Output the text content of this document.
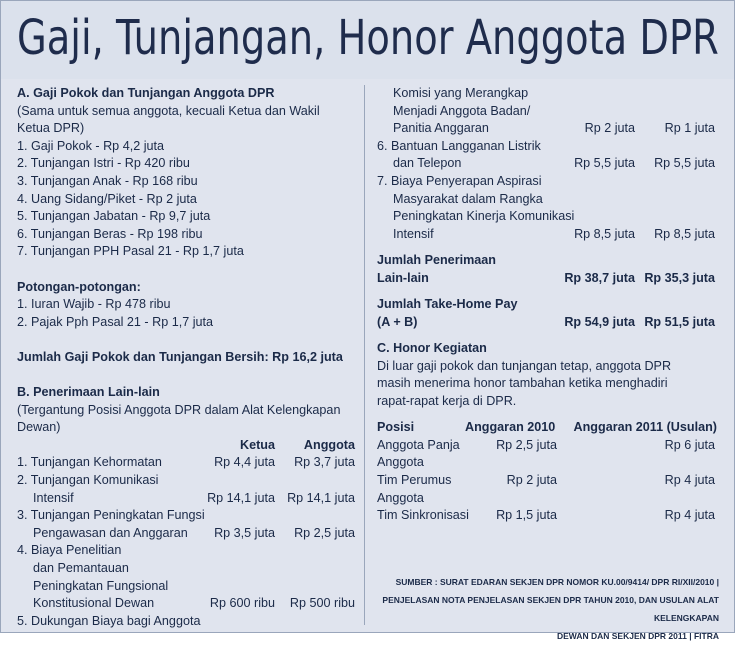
Gaji, Tunjangan, Honor Anggota DPR
A. Gaji Pokok dan Tunjangan Anggota DPR
(Sama untuk semua anggota, kecuali Ketua dan Wakil
Ketua DPR)
1. Gaji Pokok - Rp 4,2 juta
2. Tunjangan Istri - Rp 420 ribu
3. Tunjangan Anak - Rp 168 ribu
4. Uang Sidang/Piket - Rp 2 juta
5. Tunjangan Jabatan - Rp 9,7 juta
6. Tunjangan Beras - Rp 198 ribu
7. Tunjangan PPH Pasal 21 - Rp 1,7 juta
Potongan-potongan:
1. Iuran Wajib - Rp 478 ribu
2. Pajak Pph Pasal 21 - Rp 1,7 juta
Jumlah Gaji Pokok dan Tunjangan Bersih: Rp 16,2 juta
B. Penerimaan Lain-lain
(Tergantung Posisi Anggota DPR dalam Alat Kelengkapan
Dewan)
Ketua Anggota
1. Tunjangan Kehormatan	Rp 4,4 juta Rp 3,7 juta
2. Tunjangan Komunikasi
Intensif	Rp 14,1 juta Rp 14,1 juta
3. Tunjangan Peningkatan Fungsi
Pengawasan dan Anggaran Rp 3,5 juta Rp 2,5 juta
4. Biaya Penelitian
dan Pemantauan
Peningkatan Fungsional
Konstitusional Dewan	Rp 600 ribu Rp 500 ribu
5. Dukungan Biaya bagi Anggota
Komisi yang Merangkap
Menjadi Anggota Badan/
Panitia Anggaran	Rp 2 juta Rp 1 juta
6. Bantuan Langganan Listrik
dan Telepon	Rp 5,5 juta Rp 5,5 juta
7. Biaya Penyerapan Aspirasi
Masyarakat dalam Rangka
Peningkatan Kinerja Komunikasi
Intensif	Rp 8,5 juta Rp 8,5 juta
Jumlah Penerimaan
Lain-lain	Rp 38,7 juta Rp 35,3 juta
Jumlah Take-Home Pay
(A + B)	Rp 54,9 juta Rp 51,5 juta
C. Honor Kegiatan
Di luar gaji pokok dan tunjangan tetap, anggota DPR
masih menerima honor tambahan ketika menghadiri
rapat-rapat kerja di DPR.
Posisi	Anggaran 2010 Anggaran 2011 (Usulan)
Anggota Panja	Rp 2,5 juta	Rp 6 juta
Anggota
Tim Perumus	Rp 2 juta	Rp 4 juta
Anggota
Tim Sinkronisasi Rp 1,5 juta	Rp 4 juta
SUMBER : SURAT EDARAN SEKJEN DPR NOMOR KU.00/9414/ DPR RI/XII/2010 |
PENJELASAN NOTA PENJELASAN SEKJEN DPR TAHUN 2010, DAN USULAN ALAT KELENGKAPAN
DEWAN DAN SEKJEN DPR 2011 | FITRA
